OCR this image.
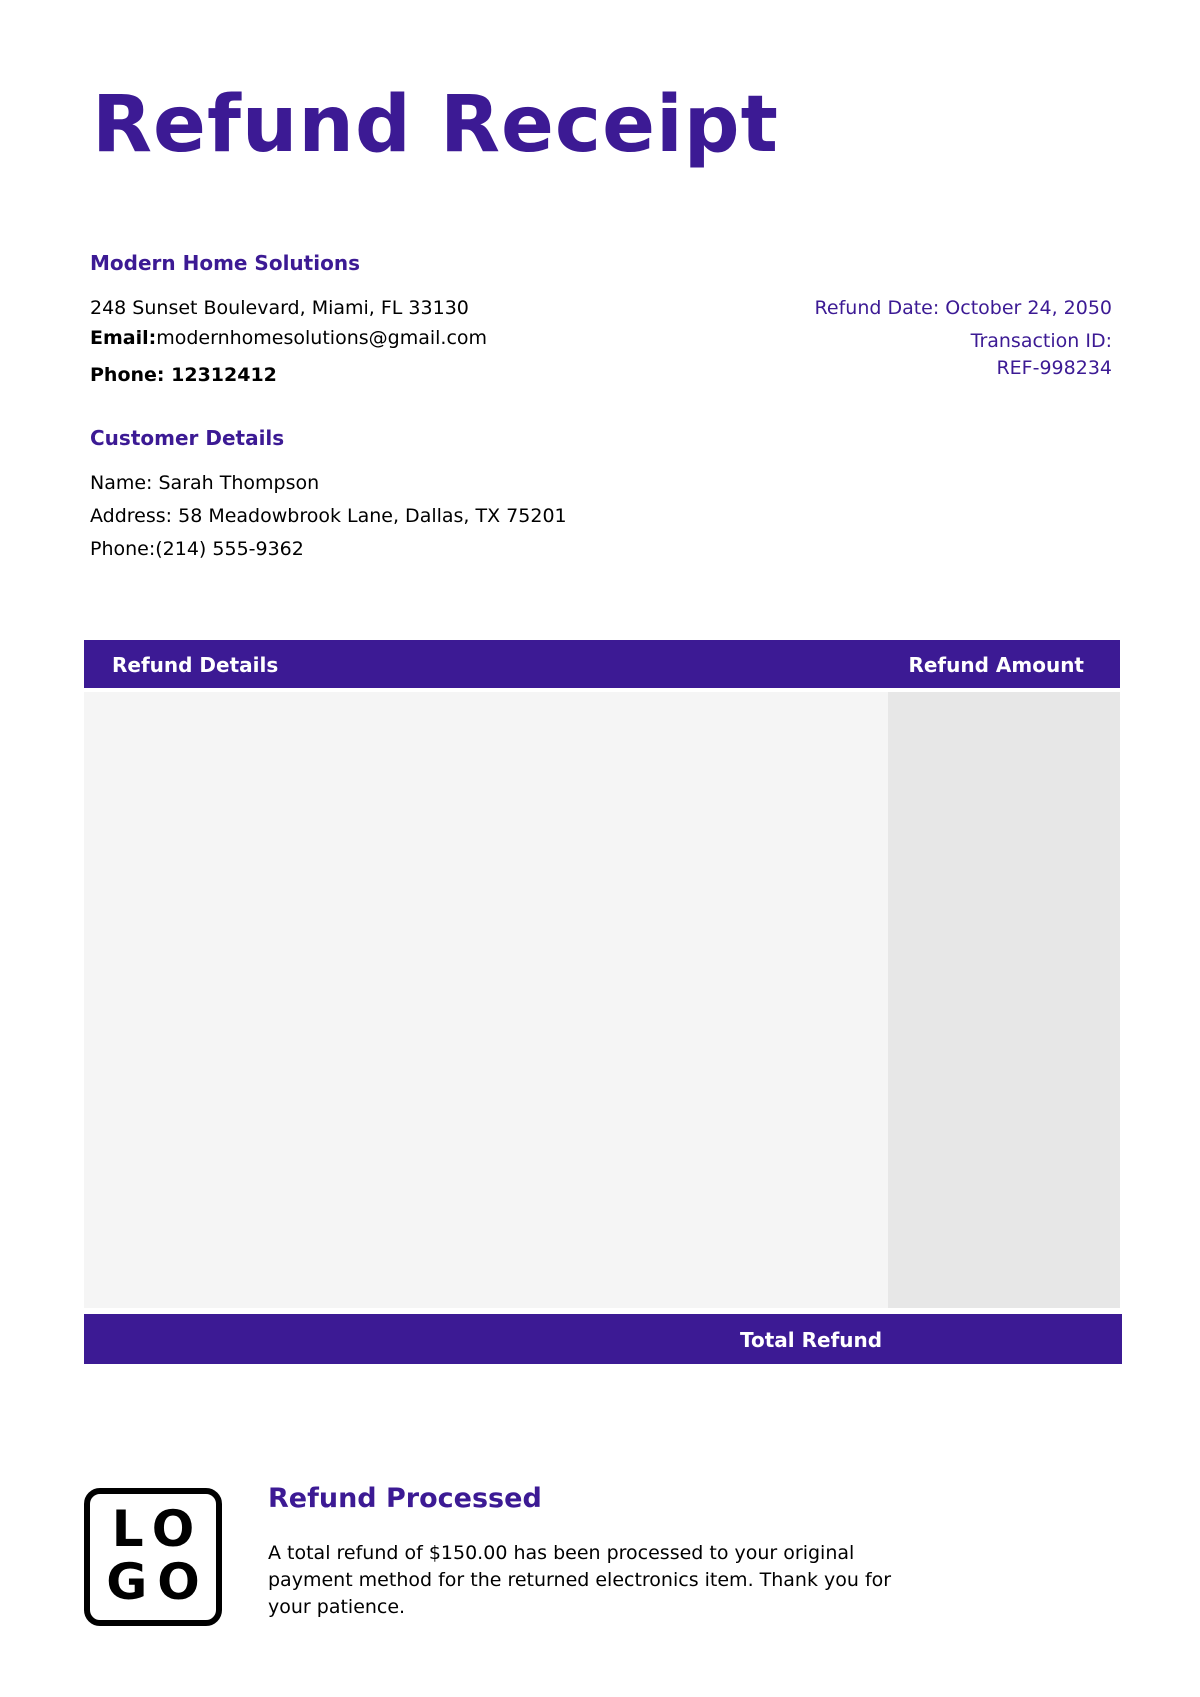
Refund Receipt
Modern Home Solutions
248 Sunset Boulevard, Miami, FL 33130
Email:modernhomesolutions@gmail.com
Phone: 12312412
Refund Date: October 24, 2050
Transaction ID:
REF-998234
Customer Details
Name: Sarah Thompson
Address: 58 Meadowbrook Lane, Dallas, TX 75201
Phone:(214) 555-9362
Refund Details	Refund Amount
Total Refund
LO
GO
Refund Processed
A total refund of $150.00 has been processed to your original payment method for the returned electronics item. Thank you for your patience.
